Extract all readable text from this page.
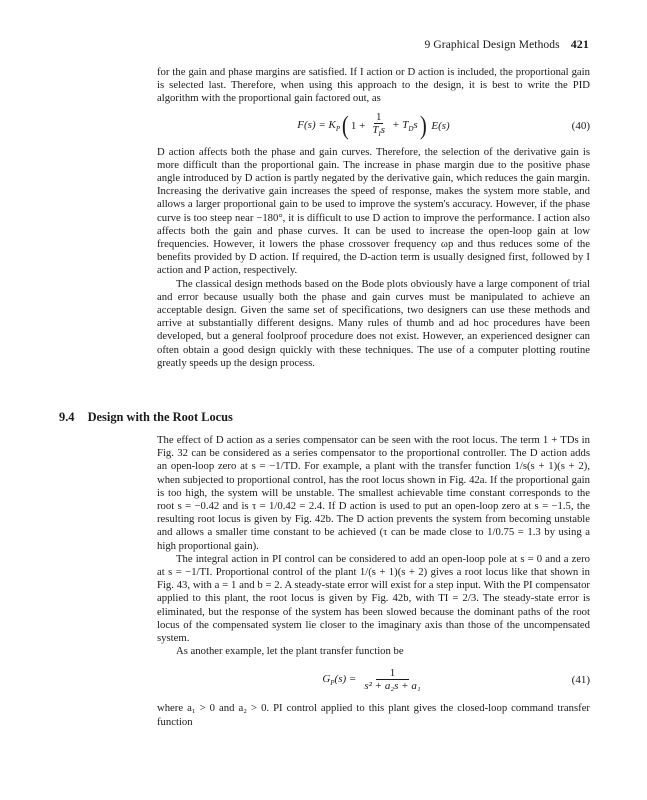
9 Graphical Design Methods 421

for the gain and phase margins are satisfied. If I action or D action is included, the proportional gain is selected last. Therefore, when using this approach to the design, it is best to write the PID algorithm with the proportional gain factored out, as

$F(s) = K_P$ ( $1 + \frac{1}{T_Is} + T_Ds$ ) E(s)	(40)

D action affects both the phase and gain curves. Therefore, the selection of the derivative gain is more difficult than the proportional gain. The increase in phase margin due to the positive phase angle introduced by D action is partly negated by the derivative gain, which reduces the gain margin. Increasing the derivative gain increases the speed of response, makes the system more stable, and allows a larger proportional gain to be used to improve the system's accuracy. However, if the phase curve is too steep near −180°, it is difficult to use D action to improve the performance. I action also affects both the gain and phase curves. It can be used to increase the open-loop gain at low frequencies. However, it lowers the phase crossover frequency ωp and thus reduces some of the benefits provided by D action. If required, the D-action term is usually designed first, followed by I action and P action, respectively.

The classical design methods based on the Bode plots obviously have a large component of trial and error because usually both the phase and gain curves must be manipulated to achieve an acceptable design. Given the same set of specifications, two designers can use these methods and arrive at substantially different designs. Many rules of thumb and ad hoc procedures have been developed, but a general foolproof procedure does not exist. However, an experienced designer can often obtain a good design quickly with these techniques. The use of a computer plotting routine greatly speeds up the design process.

9.4 Design with the Root Locus

The effect of D action as a series compensator can be seen with the root locus. The term 1 + TDs in Fig. 32 can be considered as a series compensator to the proportional controller. The D action adds an open-loop zero at s = −1/TD. For example, a plant with the transfer function 1/s(s + 1)(s + 2), when subjected to proportional control, has the root locus shown in Fig. 42a. If the proportional gain is too high, the system will be unstable. The smallest achievable time constant corresponds to the root s = −0.42 and is τ = 1/0.42 = 2.4. If D action is used to put an open-loop zero at s = −1.5, the resulting root locus is given by Fig. 42b. The D action prevents the system from becoming unstable and allows a smaller time constant to be achieved (τ can be made close to 1/0.75 = 1.3 by using a high proportional gain).

The integral action in PI control can be considered to add an open-loop pole at s = 0 and a zero at s = −1/TI. Proportional control of the plant 1/(s + 1)(s + 2) gives a root locus like that shown in Fig. 43, with a = 1 and b = 2. A steady-state error will exist for a step input. With the PI compensator applied to this plant, the root locus is given by Fig. 42b, with TI = 2/3. The steady-state error is eliminated, but the response of the system has been slowed because the dominant paths of the root locus of the compensated system lie closer to the imaginary axis than those of the uncompensated system.

As another example, let the plant transfer function be

$G_P(s) = \frac{1}{\text{s² + a₂s + a₁}}$	(41)

where a₁ > 0 and a₂ > 0. PI control applied to this plant gives the closed-loop command transfer function
